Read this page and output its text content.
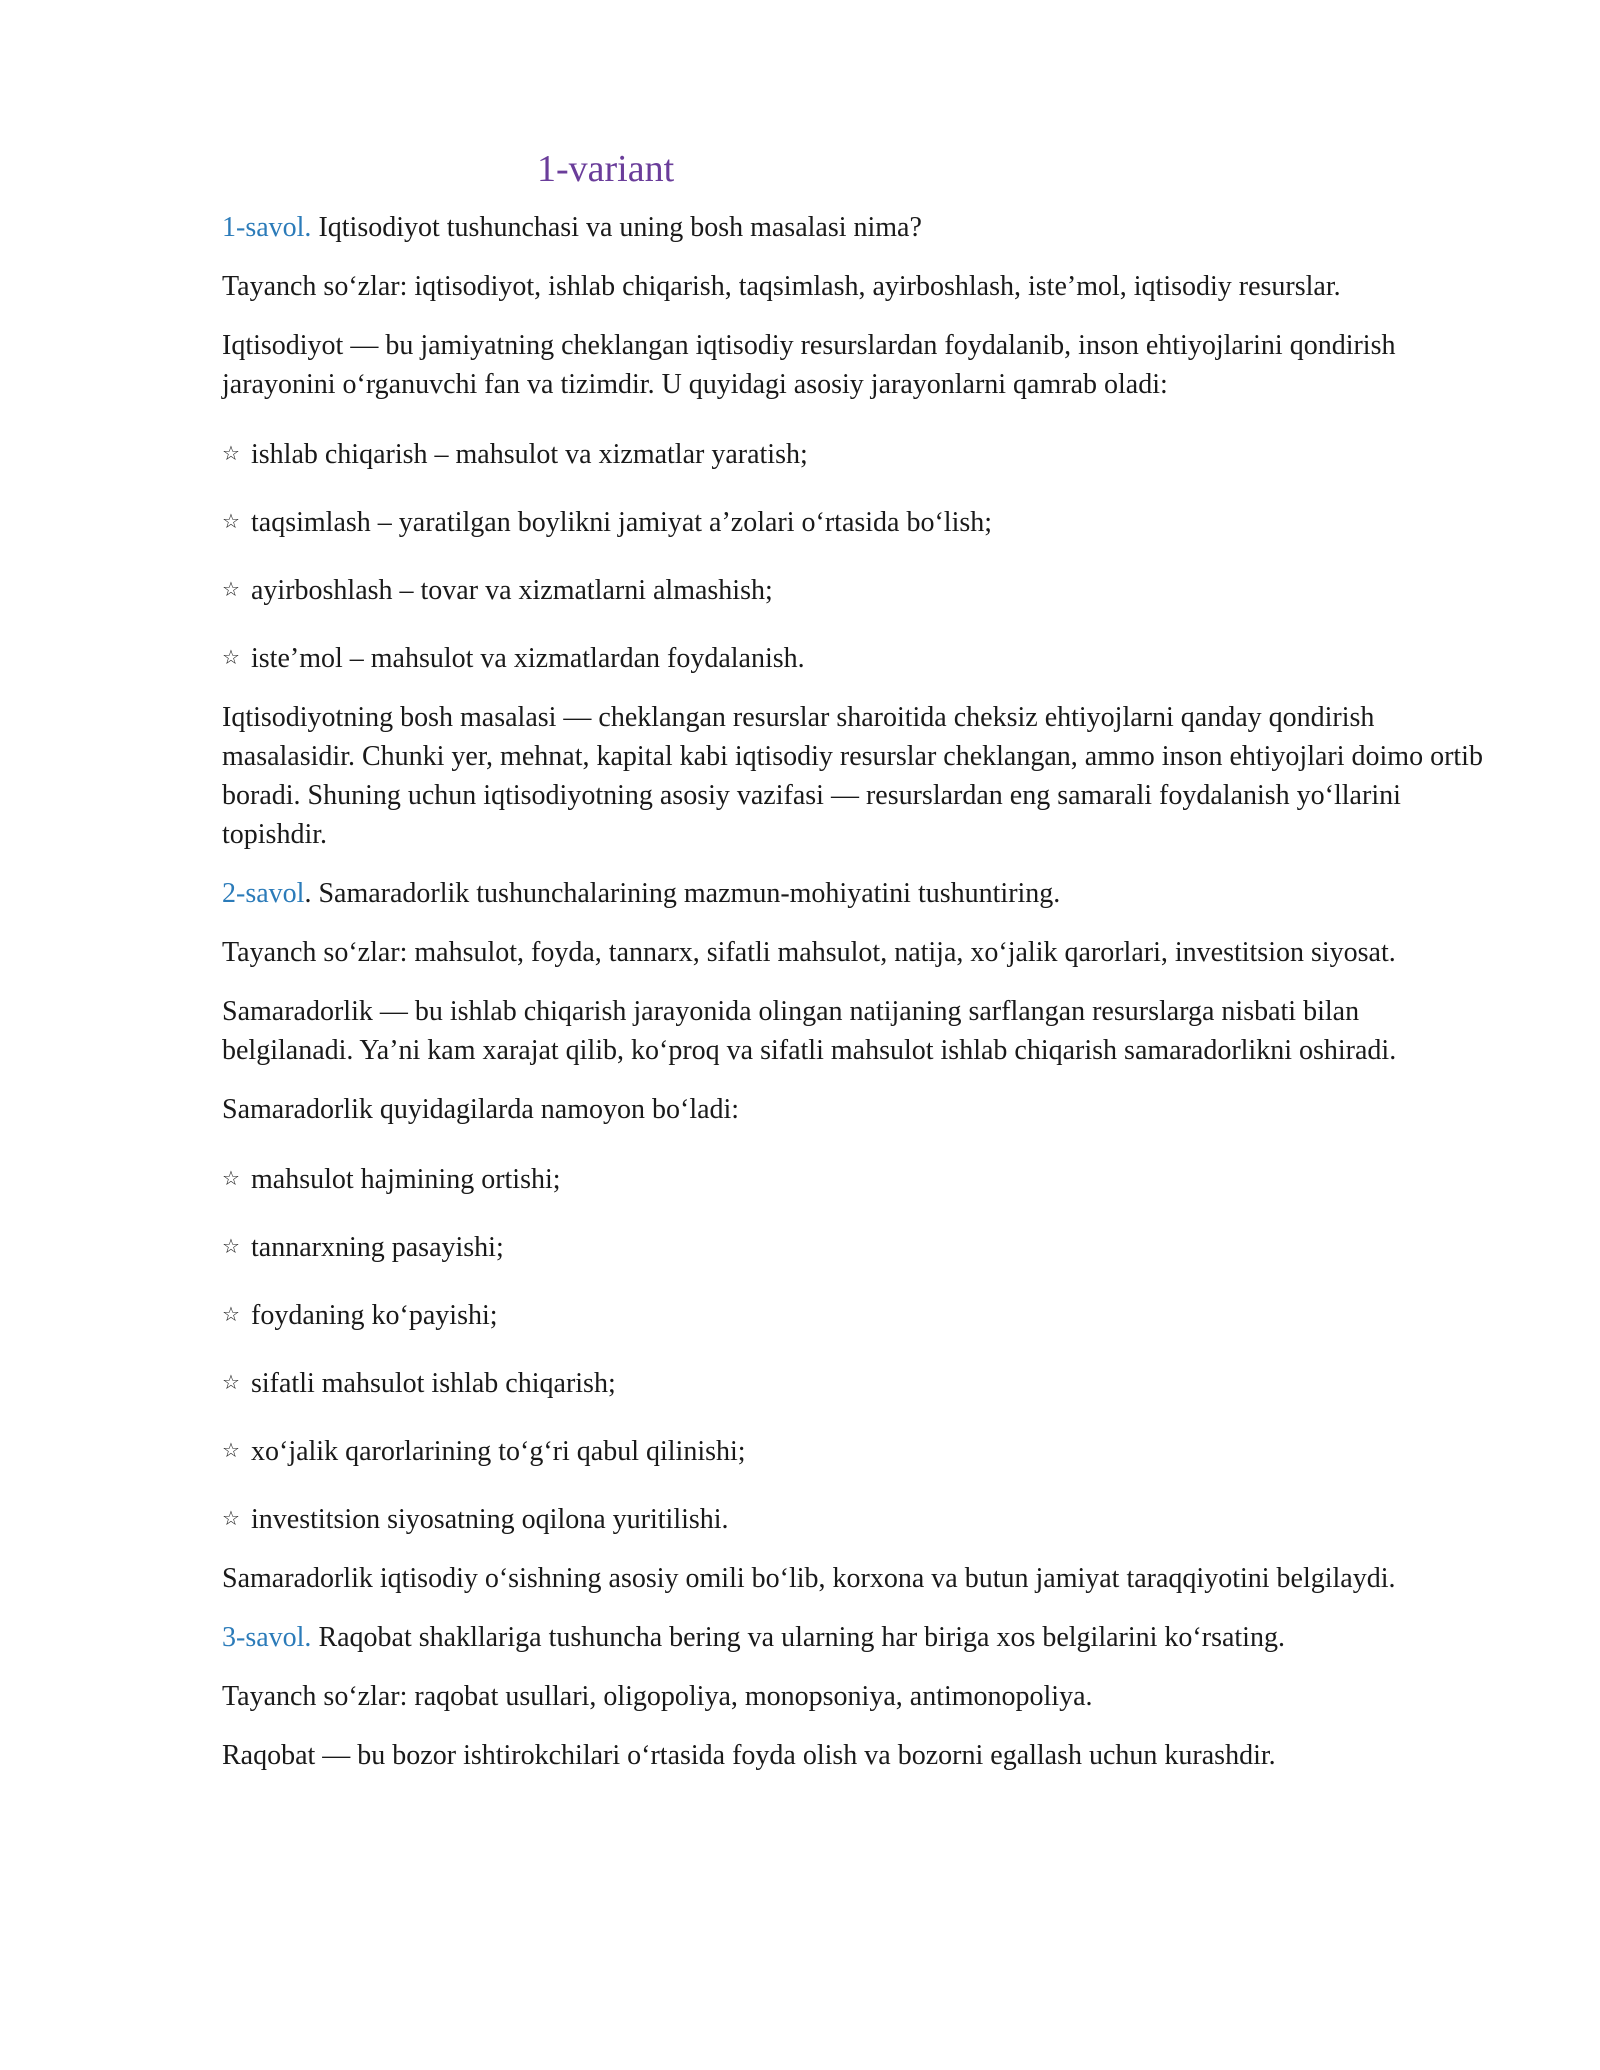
1-variant
1-savol. Iqtisodiyot tushunchasi va uning bosh masalasi nima?
Tayanch so‘zlar: iqtisodiyot, ishlab chiqarish, taqsimlash, ayirboshlash, iste’mol, iqtisodiy resurslar.
Iqtisodiyot — bu jamiyatning cheklangan iqtisodiy resurslardan foydalanib, inson ehtiyojlarini qondirish jarayonini o‘rganuvchi fan va tizimdir. U quyidagi asosiy jarayonlarni qamrab oladi:
☆ ishlab chiqarish – mahsulot va xizmatlar yaratish;
☆ taqsimlash – yaratilgan boylikni jamiyat a’zolari o‘rtasida bo‘lish;
☆ ayirboshlash – tovar va xizmatlarni almashish;
☆ iste’mol – mahsulot va xizmatlardan foydalanish.
Iqtisodiyotning bosh masalasi — cheklangan resurslar sharoitida cheksiz ehtiyojlarni qanday qondirish masalasidir. Chunki yer, mehnat, kapital kabi iqtisodiy resurslar cheklangan, ammo inson ehtiyojlari doimo ortib boradi. Shuning uchun iqtisodiyotning asosiy vazifasi — resurslardan eng samarali foydalanish yo‘llarini topishdir.
2-savol. Samaradorlik tushunchalarining mazmun-mohiyatini tushuntiring.
Tayanch so‘zlar: mahsulot, foyda, tannarx, sifatli mahsulot, natija, xo‘jalik qarorlari, investitsion siyosat.
Samaradorlik — bu ishlab chiqarish jarayonida olingan natijaning sarflangan resurslarga nisbati bilan belgilanadi. Ya’ni kam xarajat qilib, ko‘proq va sifatli mahsulot ishlab chiqarish samaradorlikni oshiradi.
Samaradorlik quyidagilarda namoyon bo‘ladi:
☆ mahsulot hajmining ortishi;
☆ tannarxning pasayishi;
☆ foydaning ko‘payishi;
☆ sifatli mahsulot ishlab chiqarish;
☆ xo‘jalik qarorlarining to‘g‘ri qabul qilinishi;
☆ investitsion siyosatning oqilona yuritilishi.
Samaradorlik iqtisodiy o‘sishning asosiy omili bo‘lib, korxona va butun jamiyat taraqqiyotini belgilaydi.
3-savol. Raqobat shakllariga tushuncha bering va ularning har biriga xos belgilarini ko‘rsating.
Tayanch so‘zlar: raqobat usullari, oligopoliya, monopsoniya, antimonopoliya.
Raqobat — bu bozor ishtirokchilari o‘rtasida foyda olish va bozorni egallash uchun kurashdir.
